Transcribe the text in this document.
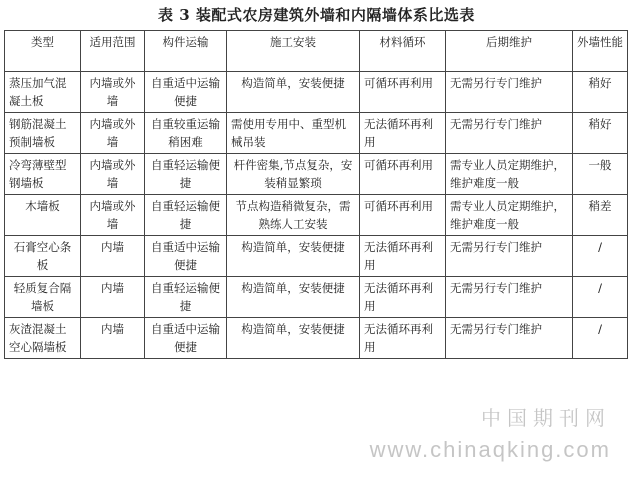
表 3 装配式农房建筑外墙和内隔墙体系比选表
类型	适用范围	构件运输	施工安装	材料循环	后期维护	外墙性能
蒸压加气混凝土板	内墙或外墙	自重适中运输便捷	构造简单，安装便捷	可循环再利用	无需另行专门维护	稍好
钢筋混凝土预制墙板	内墙或外墙	自重较重运输稍困难	需使用专用中、重型机械吊装	无法循环再利用	无需另行专门维护	稍好
冷弯薄壁型钢墙板	内墙或外墙	自重轻运输便捷	杆件密集,节点复杂，安装稍显繁琐	可循环再利用	需专业人员定期维护，维护难度一般	一般
木墙板	内墙或外墙	自重轻运输便捷	节点构造稍微复杂，需熟练人工安装	可循环再利用	需专业人员定期维护，维护难度一般	稍差
石膏空心条板	内墙	自重适中运输便捷	构造简单，安装便捷	无法循环再利用	无需另行专门维护	/
轻质复合隔墙板	内墙	自重轻运输便捷	构造简单，安装便捷	无法循环再利用	无需另行专门维护	/
灰渣混凝土空心隔墙板	内墙	自重适中运输便捷	构造简单，安装便捷	无法循环再利用	无需另行专门维护	/
中国期刊网
www.chinaqking.com
